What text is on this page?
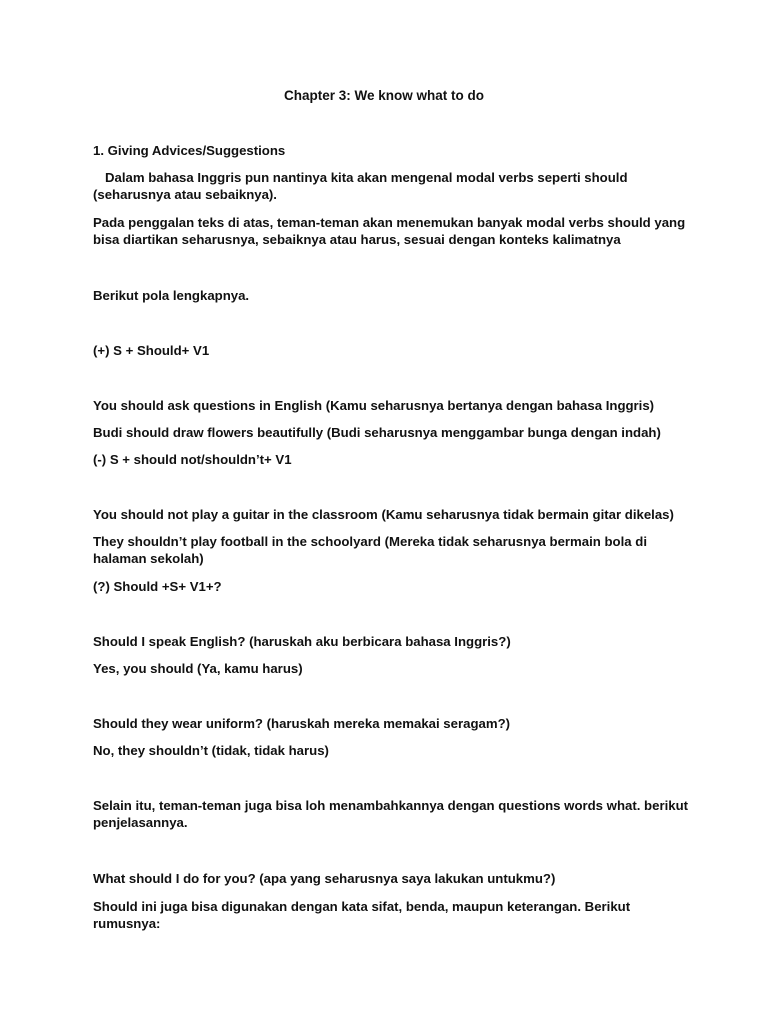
Chapter 3: We know what to do
1. Giving Advices/Suggestions
Dalam bahasa Inggris pun nantinya kita akan mengenal modal verbs seperti should (seharusnya atau sebaiknya).
Pada penggalan teks di atas, teman-teman akan menemukan banyak modal verbs should yang bisa diartikan seharusnya, sebaiknya atau harus, sesuai dengan konteks kalimatnya
Berikut pola lengkapnya.
(+) S + Should+ V1
You should ask questions in English (Kamu seharusnya bertanya dengan bahasa Inggris)
Budi should draw flowers beautifully (Budi seharusnya menggambar bunga dengan indah)
(-) S + should not/shouldn’t+ V1
You should not play a guitar in the classroom (Kamu seharusnya tidak bermain gitar dikelas)
They shouldn’t play football in the schoolyard (Mereka tidak seharusnya bermain bola di halaman sekolah)
(?) Should +S+ V1+?
Should I speak English? (haruskah aku berbicara bahasa Inggris?)
Yes, you should (Ya, kamu harus)
Should they wear uniform? (haruskah mereka memakai seragam?)
No, they shouldn’t (tidak, tidak harus)
Selain itu, teman-teman juga bisa loh menambahkannya dengan questions words what. berikut penjelasannya.
What should I do for you? (apa yang seharusnya saya lakukan untukmu?)
Should ini juga bisa digunakan dengan kata sifat, benda, maupun keterangan. Berikut rumusnya:
